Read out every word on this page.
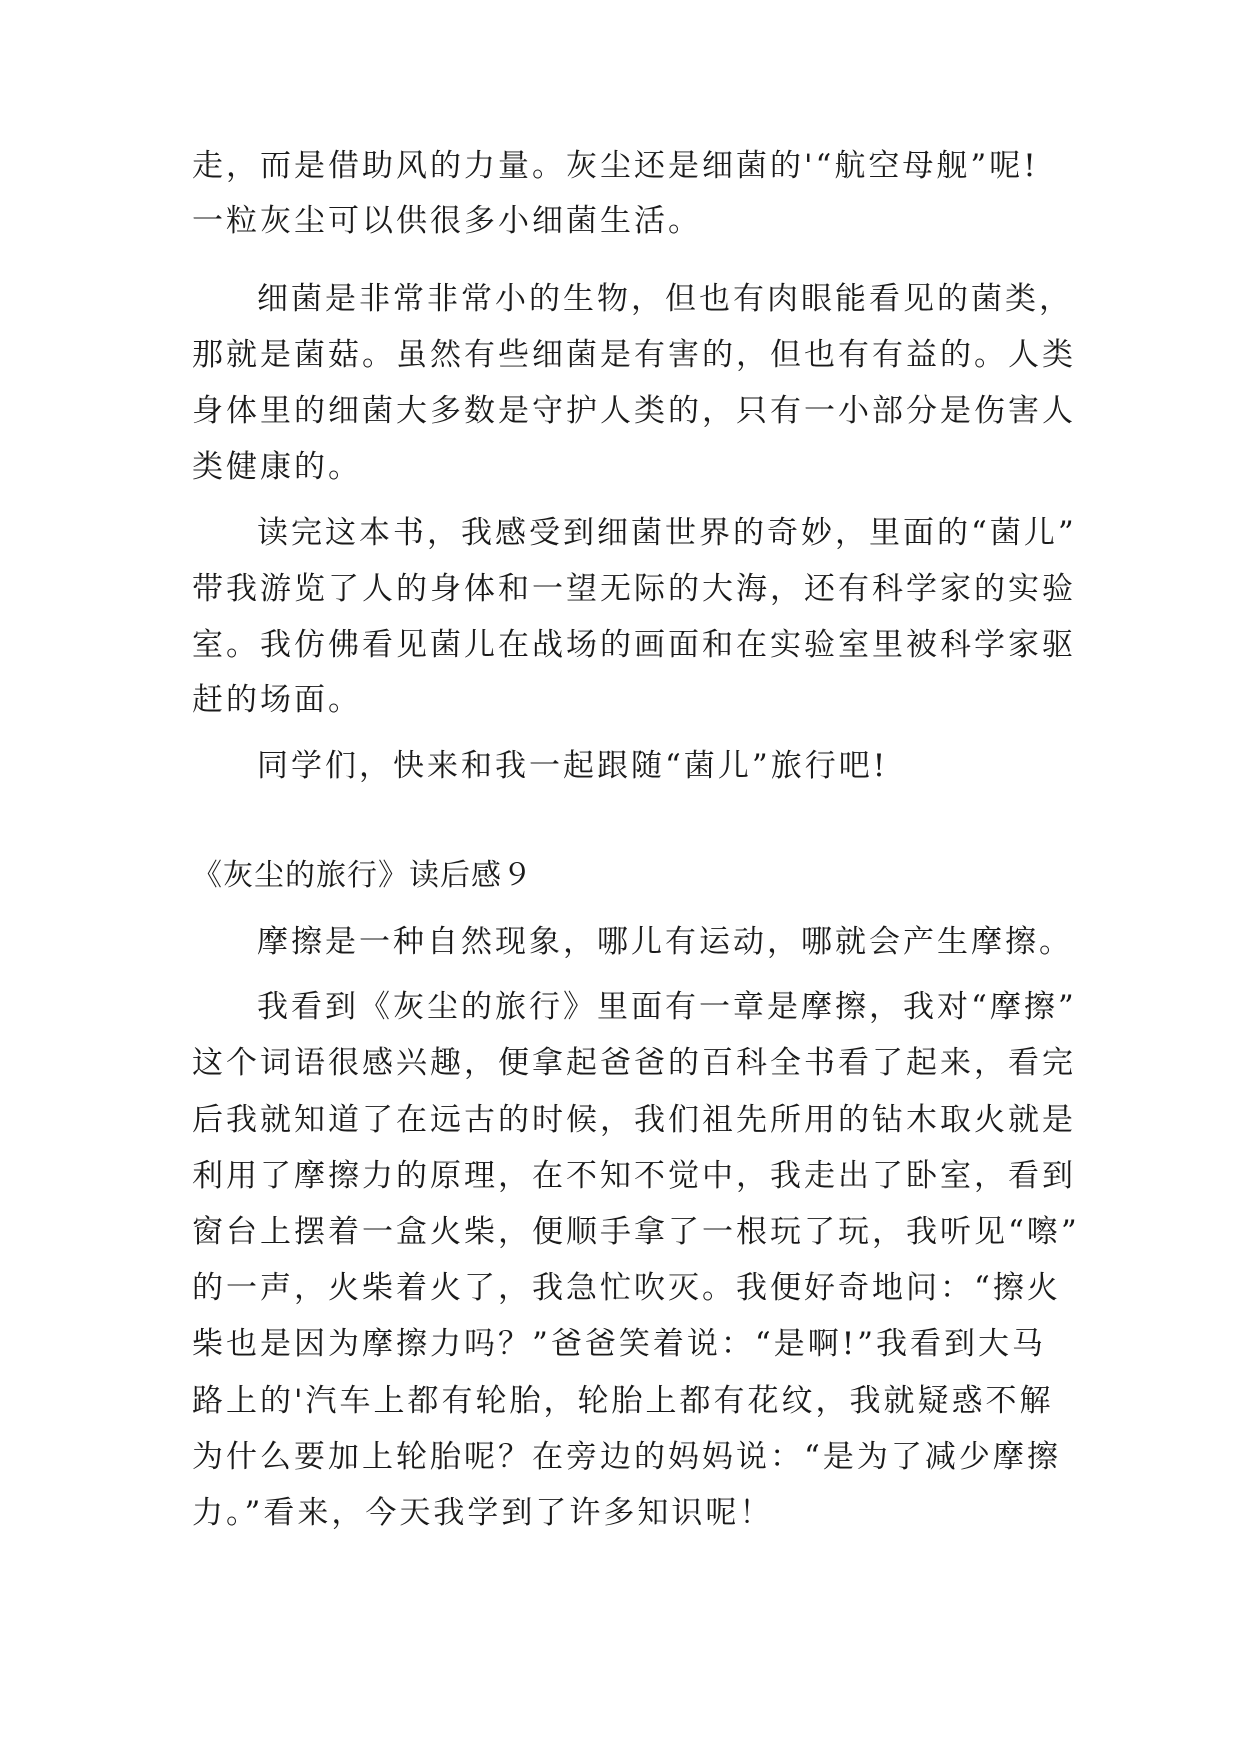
走，而是借助风的力量。灰尘还是细菌的'“航空母舰”呢!
一粒灰尘可以供很多小细菌生活。
细菌是非常非常小的生物，但也有肉眼能看见的菌类，
那就是菌菇。虽然有些细菌是有害的，但也有有益的。人类
身体里的细菌大多数是守护人类的，只有一小部分是伤害人
类健康的。
读完这本书，我感受到细菌世界的奇妙，里面的“菌儿”
带我游览了人的身体和一望无际的大海，还有科学家的实验
室。我仿佛看见菌儿在战场的画面和在实验室里被科学家驱
赶的场面。
同学们，快来和我一起跟随“菌儿”旅行吧!
《灰尘的旅行》读后感９
摩擦是一种自然现象，哪儿有运动，哪就会产生摩擦。
我看到《灰尘的旅行》里面有一章是摩擦，我对“摩擦”
这个词语很感兴趣，便拿起爸爸的百科全书看了起来，看完
后我就知道了在远古的时候，我们祖先所用的钻木取火就是
利用了摩擦力的原理，在不知不觉中，我走出了卧室，看到
窗台上摆着一盒火柴，便顺手拿了一根玩了玩，我听见“嚓”
的一声，火柴着火了，我急忙吹灭。我便好奇地问：“擦火
柴也是因为摩擦力吗？”爸爸笑着说：“是啊!”我看到大马
路上的'汽车上都有轮胎，轮胎上都有花纹，我就疑惑不解
为什么要加上轮胎呢？在旁边的妈妈说：“是为了减少摩擦
力。”看来，今天我学到了许多知识呢！
